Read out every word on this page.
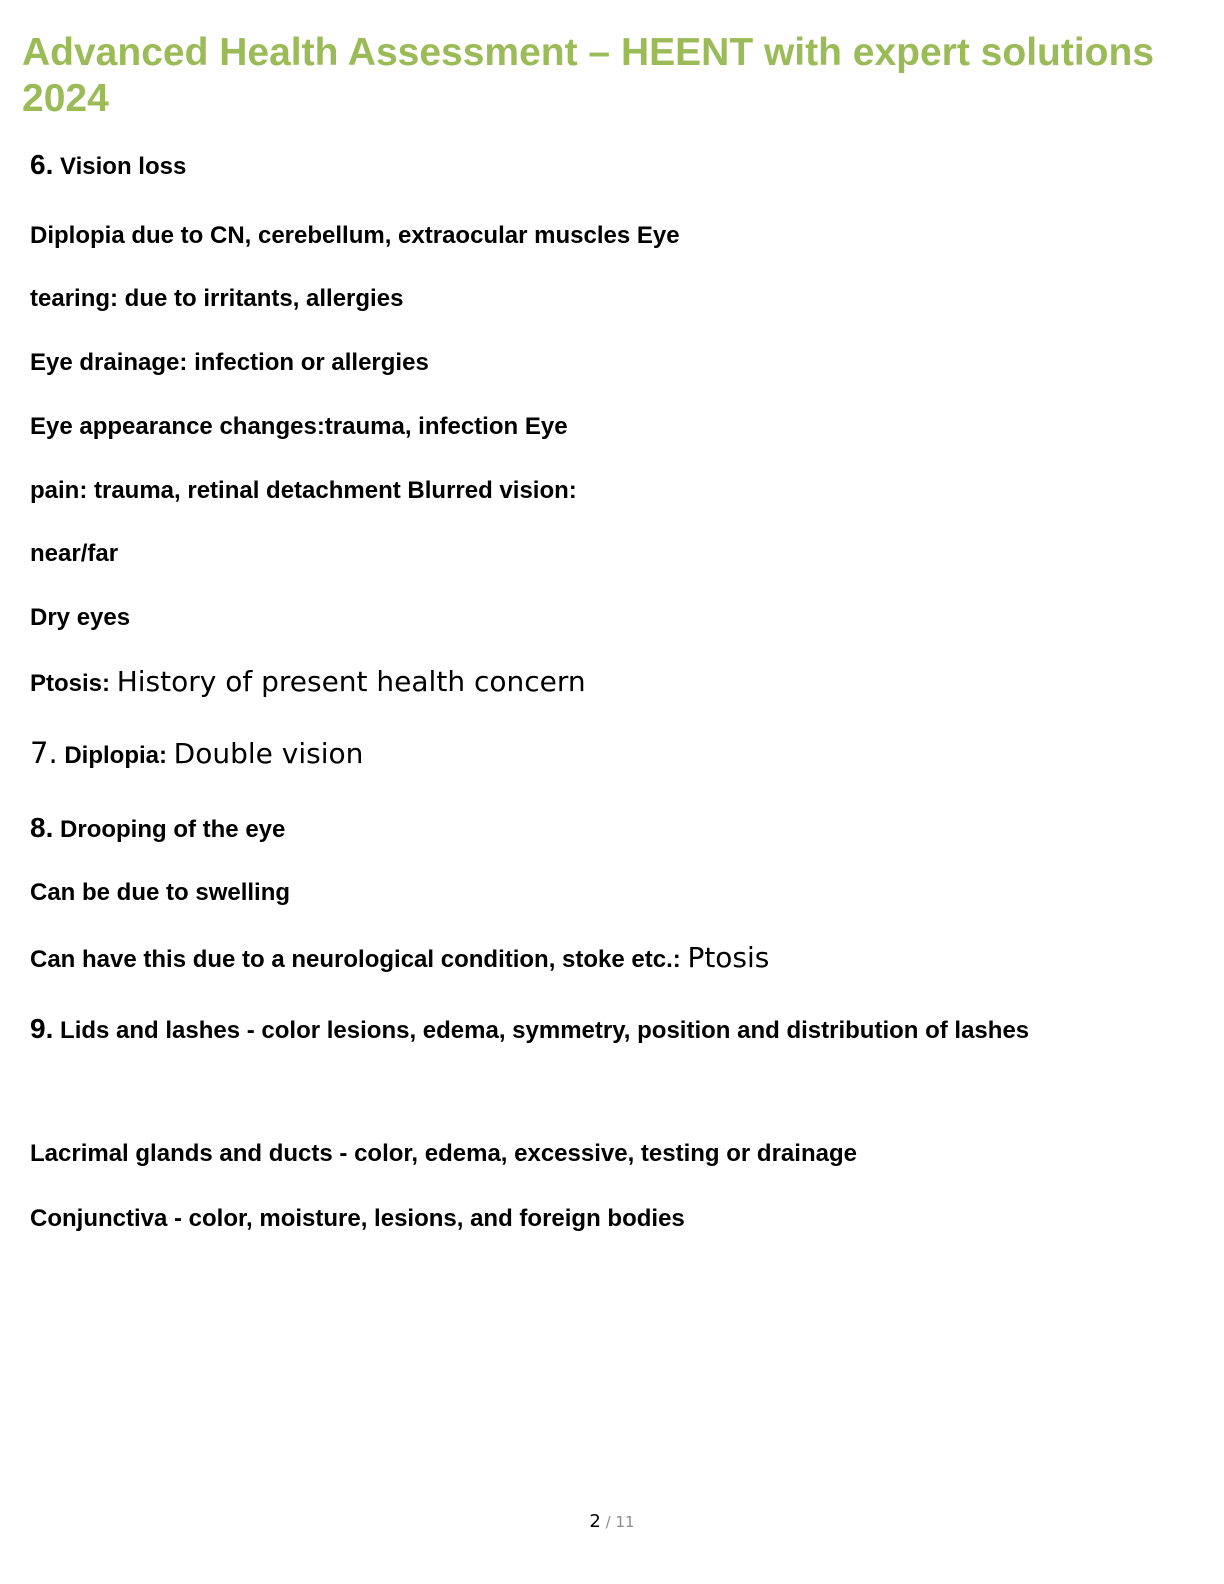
Advanced Health Assessment – HEENT with expert solutions 2024
6. Vision loss
Diplopia due to CN, cerebellum, extraocular muscles Eye
tearing: due to irritants, allergies
Eye drainage: infection or allergies
Eye appearance changes:trauma, infection Eye
pain: trauma, retinal detachment Blurred vision:
near/far
Dry eyes
Ptosis: History of present health concern
7. Diplopia: Double vision
8. Drooping of the eye
Can be due to swelling
Can have this due to a neurological condition, stoke etc.: Ptosis
9. Lids and lashes - color lesions, edema, symmetry, position and distribution of lashes
Lacrimal glands and ducts - color, edema, excessive, testing or drainage
Conjunctiva - color, moisture, lesions, and foreign bodies
2 / 11
